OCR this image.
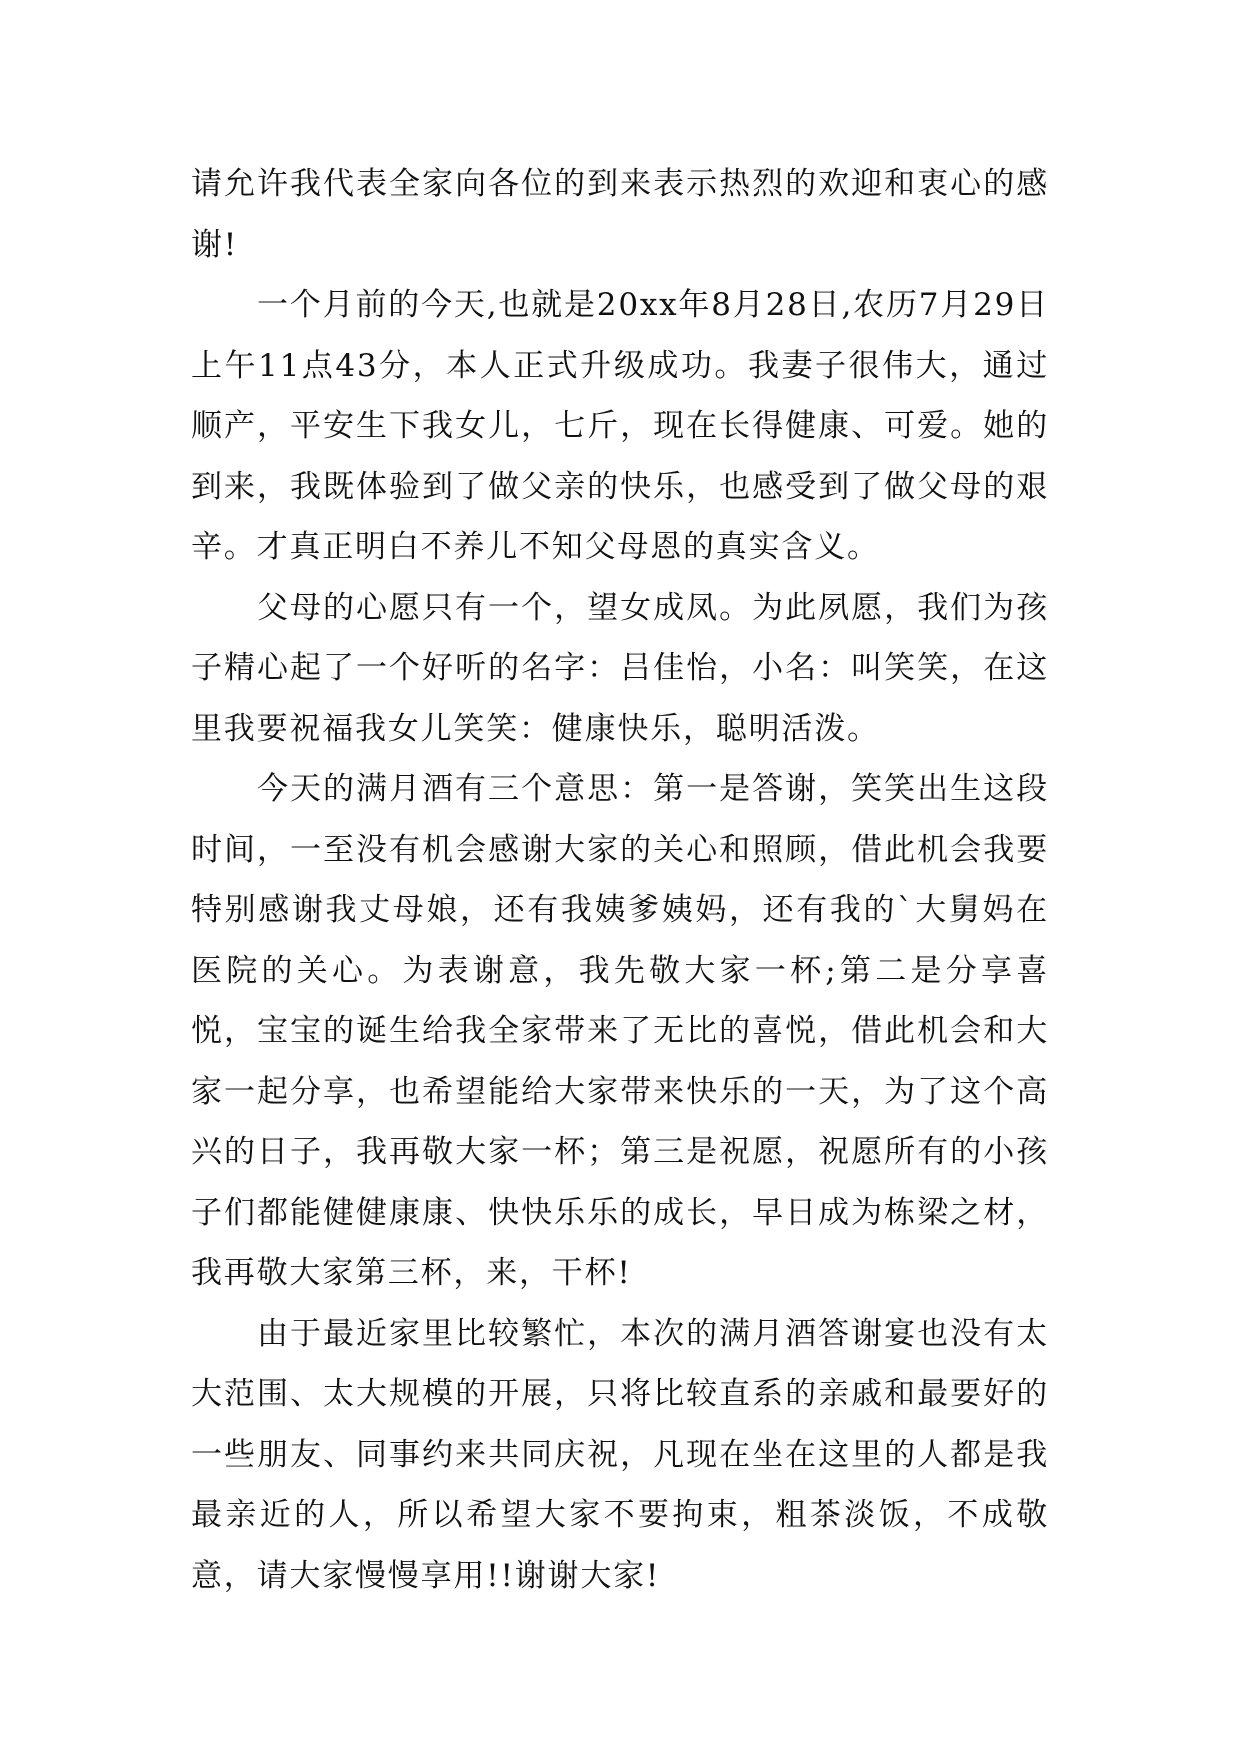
请允许我代表全家向各位的到来表示热烈的欢迎和衷心的感谢!

一个月前的今天,也就是20xx年8月28日,农历7月29日上午11点43分，本人正式升级成功。我妻子很伟大，通过顺产，平安生下我女儿，七斤，现在长得健康、可爱。她的到来，我既体验到了做父亲的快乐，也感受到了做父母的艰辛。才真正明白不养儿不知父母恩的真实含义。

父母的心愿只有一个，望女成凤。为此夙愿，我们为孩子精心起了一个好听的名字：吕佳怡，小名：叫笑笑，在这里我要祝福我女儿笑笑：健康快乐，聪明活泼。

今天的满月酒有三个意思：第一是答谢，笑笑出生这段时间，一至没有机会感谢大家的关心和照顾，借此机会我要特别感谢我丈母娘，还有我姨爹姨妈，还有我的`大舅妈在医院的关心。为表谢意，我先敬大家一杯;第二是分享喜悦，宝宝的诞生给我全家带来了无比的喜悦，借此机会和大家一起分享，也希望能给大家带来快乐的一天，为了这个高兴的日子，我再敬大家一杯；第三是祝愿，祝愿所有的小孩子们都能健健康康、快快乐乐的成长，早日成为栋梁之材，我再敬大家第三杯，来，干杯!

由于最近家里比较繁忙，本次的满月酒答谢宴也没有太大范围、太大规模的开展，只将比较直系的亲戚和最要好的一些朋友、同事约来共同庆祝，凡现在坐在这里的人都是我最亲近的人，所以希望大家不要拘束，粗茶淡饭，不成敬意，请大家慢慢享用!!谢谢大家!
